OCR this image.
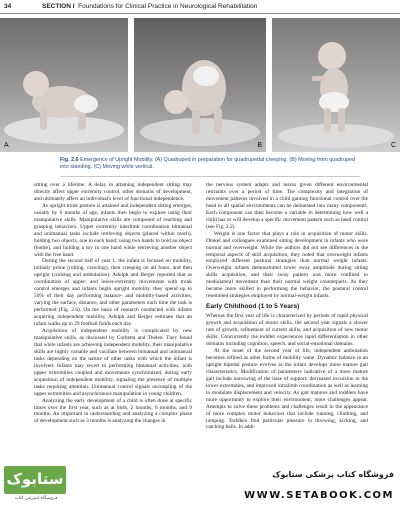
34	SECTION I Foundations for Clinical Practice in Neurological Rehabilitation
A	B	C
Fig. 2.6 Emergence of Upright Mobility. (A) Quadruped in preparation for quadrupedal creeping. (B) Moving from quadruped into standing. (C) Moving while vertical.

sitting over a lifetime. A delay in attaining independent sitting may directly affect upper extremity control, other domains of development, and ultimately affect an individual's level of functional independence.

As upright trunk posture is attained and independent sitting emerges, usually by 6 months of age, infants then begin to explore using their manipulative skills. Manipulative skills are composed of reaching and grasping behaviors. Upper extremity interlimb coordination bimanual and unimanual tasks include retrieving objects (placed within reach), holding two objects, one in each hand; using two hands to hold an object (bottle), and holding a toy in one hand while retrieving another object with the free hand.

During the second half of year 1, the infant is focused on mobility, initially prone (rolling, crawling), then creeping on all fours, and then upright (cruising and ambulation). Adolph and Berger reported that as coordination of upper- and lower-extremity movements with trunk control emerges and infants begin upright mobility, they spend up to 50% of their day performing balance- and mobility-based activities, varying the surface, distance, and other parameters each time the task is performed (Fig. 2.6). On the basis of research conducted with infants acquiring independent mobility, Adolph and Berger estimate that an infant walks up to 29 football fields each day.

Acquisition of independent mobility is complicated by new manipulative skills, as discussed by Corbetta and Thelen. They found that while infants are achieving independent mobility, their manipulative skills are highly variable and vacillate between bimanual and unimanual tasks depending on the nature of other tasks with which the infant is involved. Infants may revert to performing bimanual activities, with upper extremities coupled and movements synchronized, during early acquisition of independent mobility, signaling the presence of multiple tasks requiring attention. Unimanual control signals uncoupling of the upper extremities and asynchronous manipulation in young children.

Analyzing the early development of a child is often done at specific times over the first year, such as at birth, 2 months, 6 months, and 9 months. An important in understanding and analyzing a complex phase of development such as 3 months is analyzing the changes in

the nervous system adapts and learns given different environmental restraints over a period of time. The complexity and integration of movement patterns involved in a child gaining functional control over the head in all spatial environments can be delineated into many components. Each component can then become a variable in determining how well a child has or will develop a specific movement pattern such as head control (see Fig. 2.2).

Weight is one factor that plays a role in acquisition of motor skills. Dinkel and colleagues examined sitting development in infants who were normal and overweight. While the authors did not see differences in the temporal aspects of skill acquisition, they noted that overweight infants employed different postural strategies than normal weight infants. Overweight infants demonstrated lower sway amplitude during sitting skills acquisition, and their sway pattern was more confined to mediolateral movement than their normal weight counterparts. As they became more skilled in performing the behavior, the postural control resembled strategies employed by normal-weight infants.

Early Childhood (1 to 5 Years)

Whereas the first year of life is characterized by periods of rapid physical growth and acquisition of motor skills, the second year signals a slower rate of growth, refinement of current skills, and acquisition of new motor skills. Concurrently the toddler experiences rapid differentiation in other domains including cognition, speech, and social-emotional domains.

At the onset of the second year of life, independent ambulation becomes refined as other forms of mobility wane. Dynamic balance in an upright bipedal posture evolves as the infant develops more mature gait characteristics. Modification of parameters indicative of a more mature gait include narrowing of the base of support, decreased excursion in the lower extremities, and improved intralimb coordination as well as learning to modulate displacement and velocity. As gait matures and toddlers have more opportunity to explore their environment, more challenges appear. Attempts to solve these problems and challenges result in the appearance of more complex motor behaviors that include running, climbing, and jumping. Toddlers find particular pleasure in throwing, kicking, and catching balls. In addi-

ستابوک
فروشگاه اینترنتی کتاب
فروشگاه کتاب پزشکی ستابوک
WWW.SETABOOK.COM
